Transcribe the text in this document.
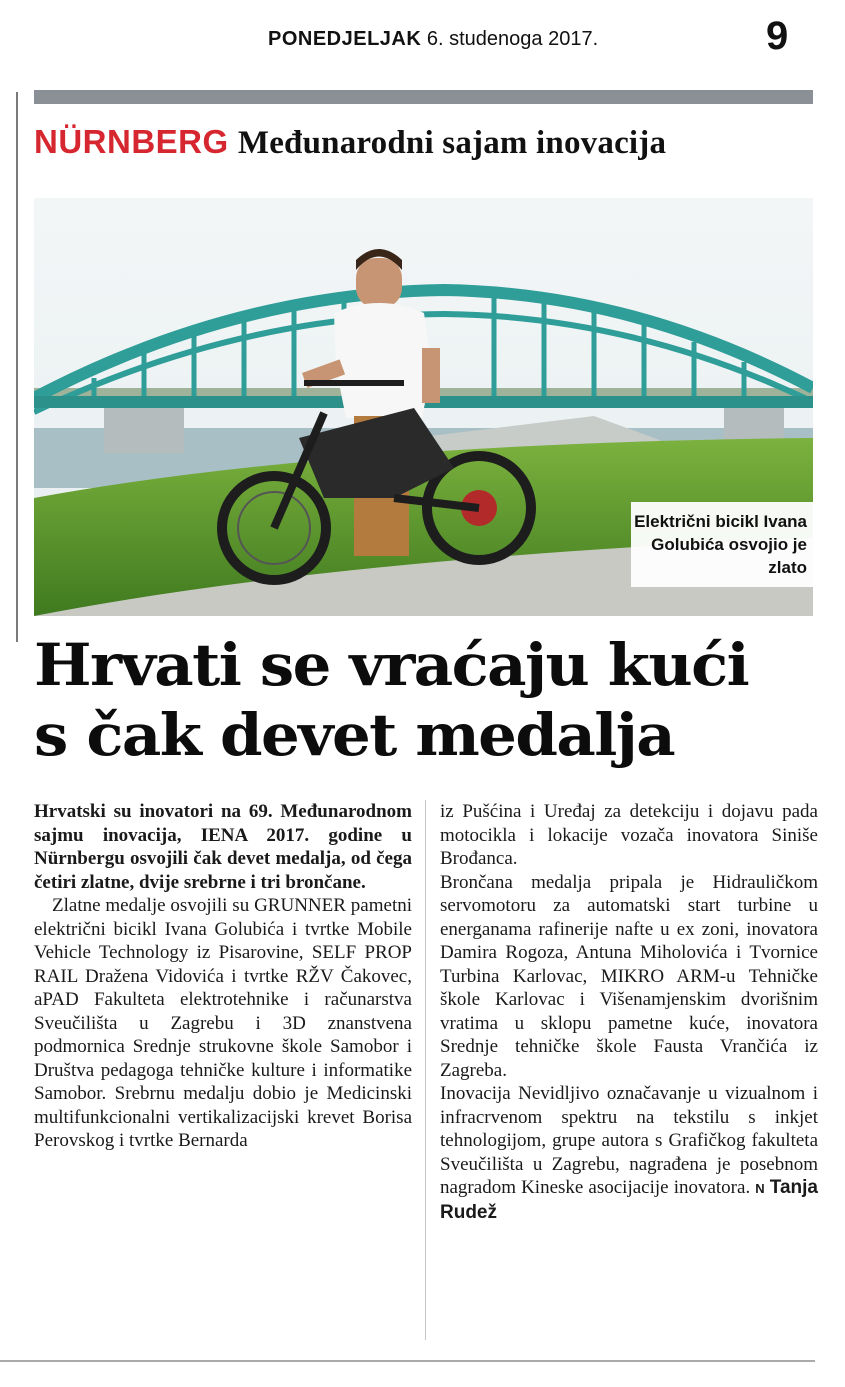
PONEDJELJAK 6. studenoga 2017.	9
NÜRNBERG Međunarodni sajam inovacija
Električni bicikl Ivana Golubića osvojio je zlato
Hrvati se vraćaju kući
s čak devet medalja

Hrvatski su inovatori na 69. Međunarodnom sajmu inovacija, IENA 2017. godine u Nürnbergu osvojili čak devet medalja, od čega četiri zlatne, dvije srebrne i tri brončane.

Zlatne medalje osvojili su GRUNNER pametni električni bicikl Ivana Golubića i tvrtke Mobile Vehicle Technology iz Pisarovine, SELF PROP RAIL Dražena Vidovića i tvrtke RŽV Čakovec, aPAD Fakulteta elektrotehnike i računarstva Sveučilišta u Zagrebu i 3D znanstvena podmornica Srednje strukovne škole Samobor i Društva pedagoga tehničke kulture i informatike Samobor. Srebrnu medalju dobio je Medicinski multifunkcionalni vertikalizacijski krevet Borisa Perovskog i tvrtke Bernarda

iz Pušćina i Uređaj za detekciju i dojavu pada motocikla i lokacije vozača inovatora Siniše Brođanca.

Brončana medalja pripala je Hidrauličkom servomotoru za automatski start turbine u energanama rafinerije nafte u ex zoni, inovatora Damira Rogoza, Antuna Miholovića i Tvornice Turbina Karlovac, MIKRO ARM-u Tehničke škole Karlovac i Višenamjenskim dvorišnim vratima u sklopu pametne kuće, inovatora Srednje tehničke škole Fausta Vrančića iz Zagreba.

Inovacija Nevidljivo označavanje u vizualnom i infracrvenom spektru na tekstilu s inkjet tehnologijom, grupe autora s Grafičkog fakulteta Sveučilišta u Zagrebu, nagrađena je posebnom nagradom Kineske asocijacije inovatora. N Tanja Rudež
